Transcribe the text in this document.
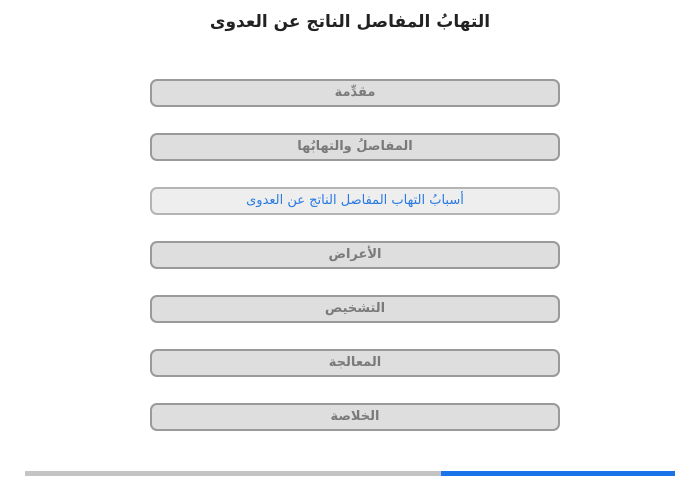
التهابُ المفاصل الناتج عن العدوى
مقدِّمة
المفاصلُ والتهابُها
أسبابُ التهاب المفاصل الناتج عن العدوى
الأعراض
التشخيص
المعالجة
الخلاصة
